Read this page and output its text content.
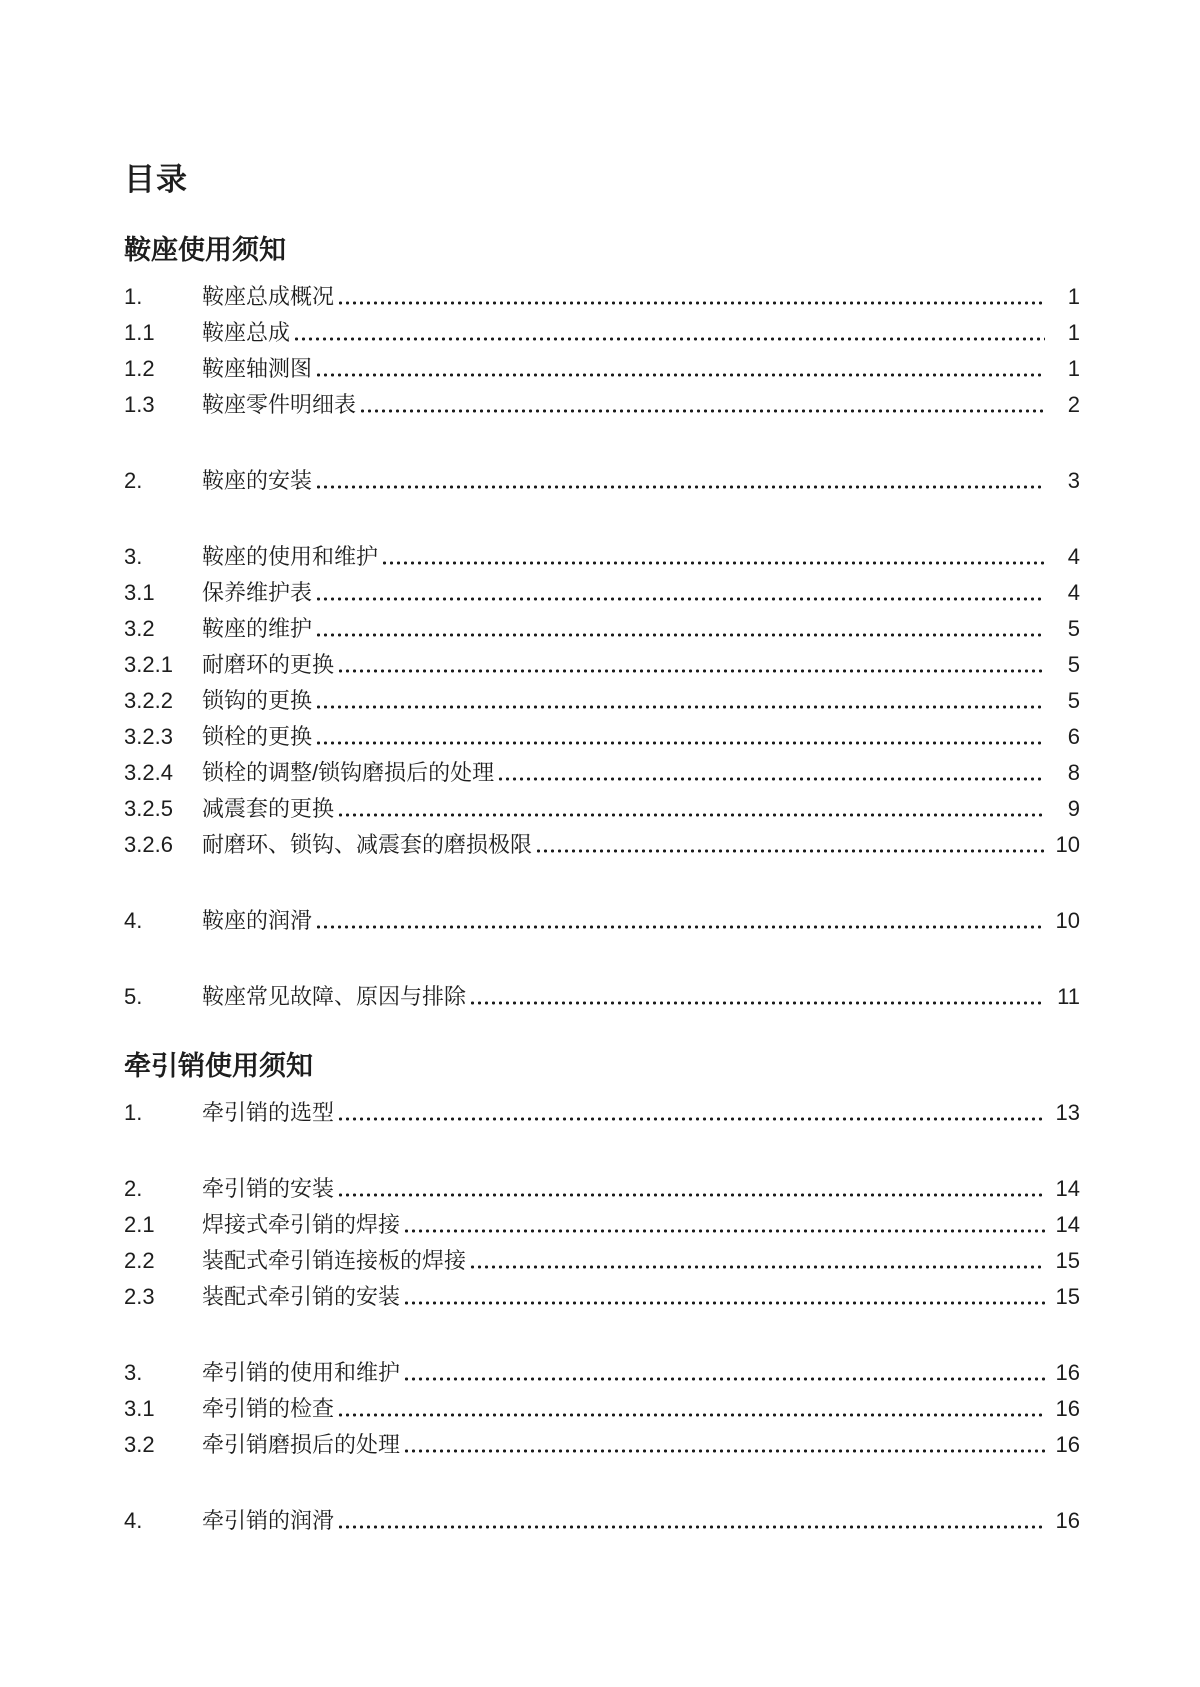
目录
鞍座使用须知
1.	鞍座总成概况	1
1.1	鞍座总成	1
1.2	鞍座轴测图	1
1.3	鞍座零件明细表	2
2.	鞍座的安装	3
3.	鞍座的使用和维护	4
3.1	保养维护表	4
3.2	鞍座的维护	5
3.2.1	耐磨环的更换	5
3.2.2	锁钩的更换	5
3.2.3	锁栓的更换	6
3.2.4	锁栓的调整/锁钩磨损后的处理	8
3.2.5	减震套的更换	9
3.2.6	耐磨环、锁钩、减震套的磨损极限	10
4.	鞍座的润滑	10
5.	鞍座常见故障、原因与排除	11
牵引销使用须知
1.	牵引销的选型	13
2.	牵引销的安装	14
2.1	焊接式牵引销的焊接	14
2.2	装配式牵引销连接板的焊接	15
2.3	装配式牵引销的安装	15
3.	牵引销的使用和维护	16
3.1	牵引销的检查	16
3.2	牵引销磨损后的处理	16
4.	牵引销的润滑	16
